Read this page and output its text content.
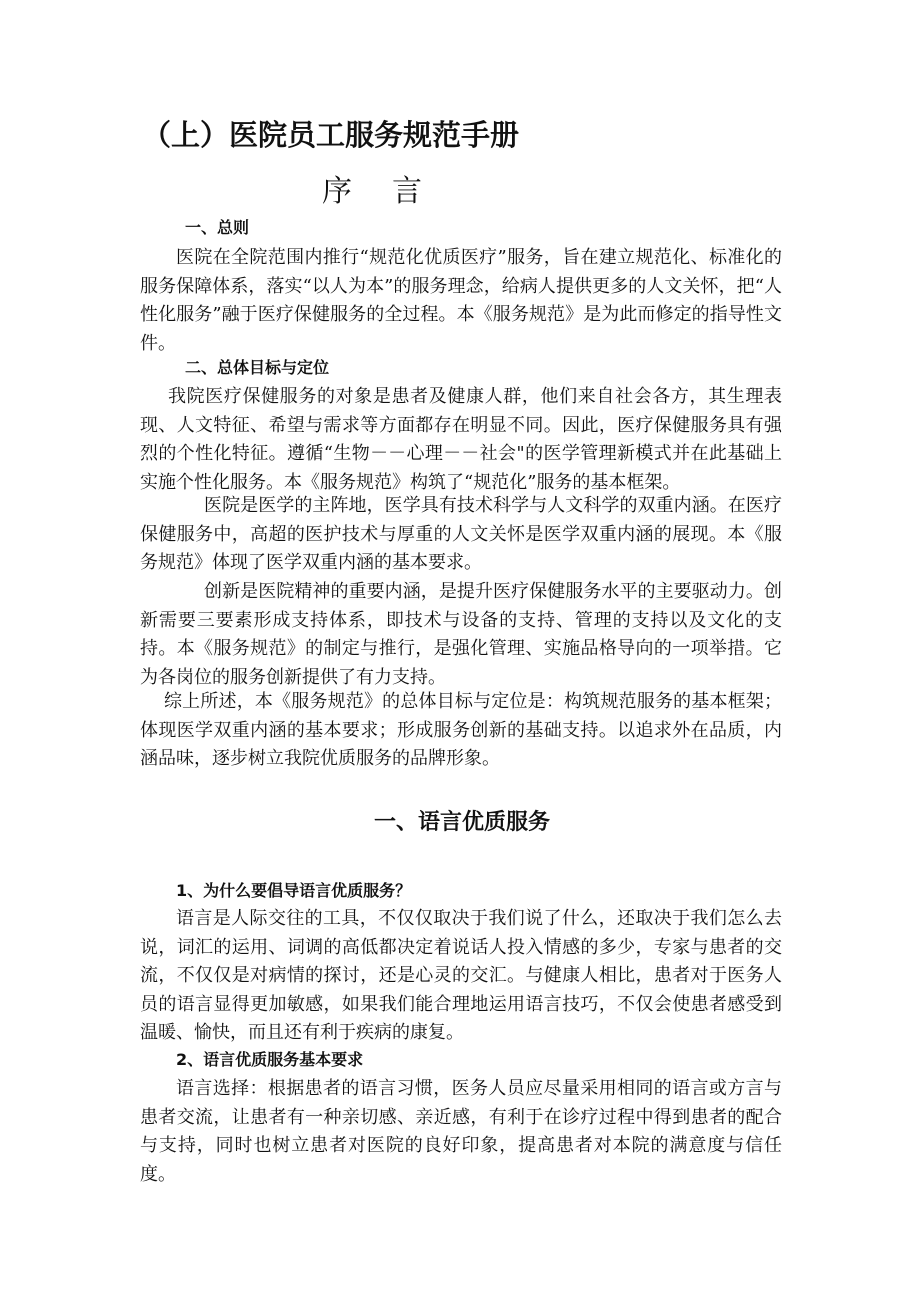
（上）医院员工服务规范手册
序言
一、总则

医院在全院范围内推行“规范化优质医疗”服务，旨在建立规范化、标准化的服务保障体系，落实“以人为本”的服务理念，给病人提供更多的人文关怀，把“人性化服务”融于医疗保健服务的全过程。本《服务规范》是为此而修定的指导性文件。

二、总体目标与定位

我院医疗保健服务的对象是患者及健康人群，他们来自社会各方，其生理表现、人文特征、希望与需求等方面都存在明显不同。因此，医疗保健服务具有强烈的个性化特征。遵循“生物－－心理－－社会"的医学管理新模式并在此基础上实施个性化服务。本《服务规范》构筑了“规范化”服务的基本框架。

医院是医学的主阵地，医学具有技术科学与人文科学的双重内涵。在医疗保健服务中，高超的医护技术与厚重的人文关怀是医学双重内涵的展现。本《服务规范》体现了医学双重内涵的基本要求。

创新是医院精神的重要内涵，是提升医疗保健服务水平的主要驱动力。创新需要三要素形成支持体系，即技术与设备的支持、管理的支持以及文化的支持。本《服务规范》的制定与推行，是强化管理、实施品格导向的一项举措。它为各岗位的服务创新提供了有力支持。

综上所述，本《服务规范》的总体目标与定位是：构筑规范服务的基本框架；体现医学双重内涵的基本要求；形成服务创新的基础支持。以追求外在品质，内涵品味，逐步树立我院优质服务的品牌形象。

一、语言优质服务
1、为什么要倡导语言优质服务？

语言是人际交往的工具，不仅仅取决于我们说了什么，还取决于我们怎么去说，词汇的运用、词调的高低都决定着说话人投入情感的多少，专家与患者的交流，不仅仅是对病情的探讨，还是心灵的交汇。与健康人相比，患者对于医务人员的语言显得更加敏感，如果我们能合理地运用语言技巧，不仅会使患者感受到温暖、愉快，而且还有利于疾病的康复。

2、语言优质服务基本要求

语言选择：根据患者的语言习惯，医务人员应尽量采用相同的语言或方言与患者交流，让患者有一种亲切感、亲近感，有利于在诊疗过程中得到患者的配合与支持，同时也树立患者对医院的良好印象，提高患者对本院的满意度与信任度。
